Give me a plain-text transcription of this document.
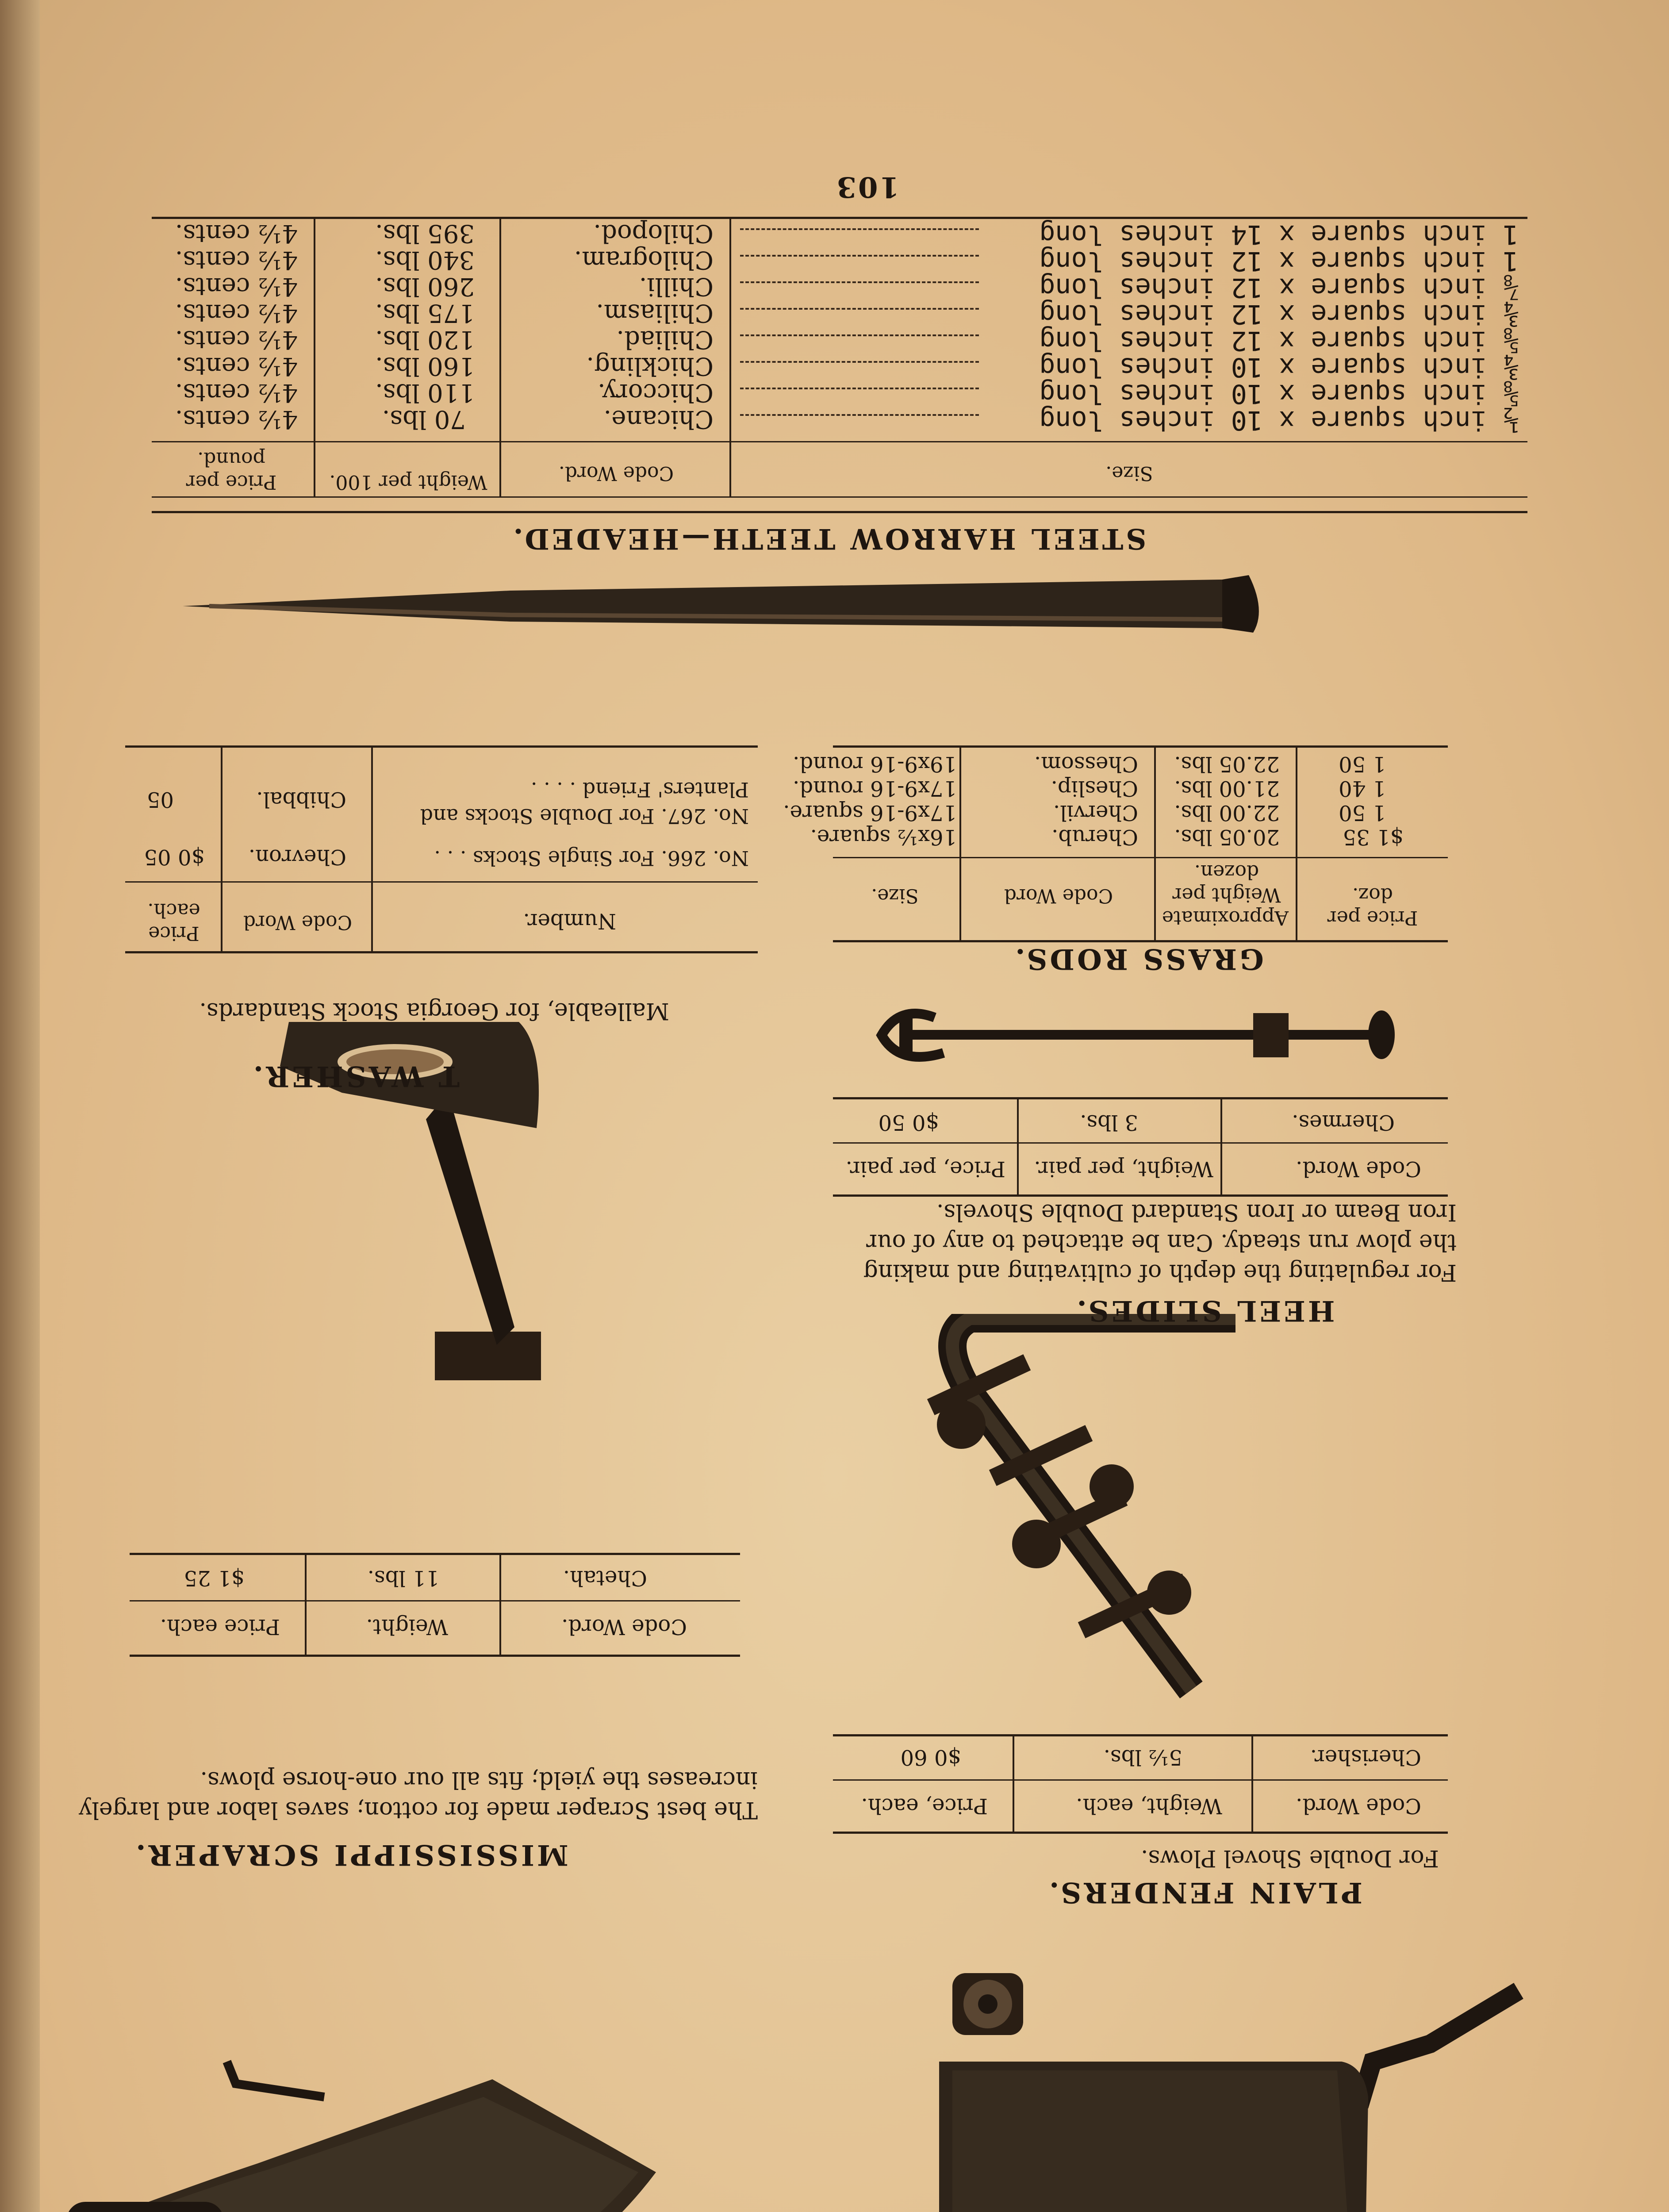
PLAIN FENDERS.
For Double Shovel Plows.
Code Word.
Weight, each.
Price, each.
Cherisher.
5½ lbs.
$0 60
MISSISSIPPI SCRAPER.
The best Scraper made for cotton; saves labor and largely increases the yield; fits all our one-horse plows.
Code Word.
Weight.
Price each.
Chetah.
11 lbs.
$1 25
HEEL SLIDES.
For regulating the depth of cultivating and making the plow run steady. Can be attached to any of our Iron Beam or Iron Standard Double Shovels.
Code Word.
Weight, per pair.
Price, per pair.
Chermes.
3 lbs.
$0 50
T WASHER.
Malleable, for Georgia Stock Standards.
Number.
Code Word
Price each.
No. 266. For Single Stocks . . .
Chevron.
$0 05
No. 267. For Double Stocks and Planters' Friend . . . .
Chibbal.
05
GRASS RODS.
Price per doz.
Approximate Weight per dozen.
Code Word
Size.
$1 35
20.05 lbs.
Cherub.
16x½ square.
1 50
22.00 lbs.
Chervil.
17x9-16 square.
1 40
21.00 lbs.
Cheslip.
17x9-16 round.
1 50
22.05 lbs.
Chessom.
19x9-16 round.
STEEL HARROW TEETH—HEADED.
Size.
Code Word.
Weight per 100.
Price per pound.
½ inch square x 10 inches long
Chicane.
70 lbs.
4½ cents.
⅝ inch square x 10 inches long
Chiccory.
110 lbs.
4½ cents.
¾ inch square x 10 inches long
Chickling.
160 lbs.
4½ cents.
⅝ inch square x 12 inches long
Chiliad.
120 lbs.
4½ cents.
¾ inch square x 12 inches long
Chiliasm.
175 lbs.
4½ cents.
⅞ inch square x 12 inches long
Chilli.
260 lbs.
4½ cents.
1 inch square x 12 inches long
Chilogram.
340 lbs.
4½ cents.
1 inch square x 14 inches long
Chilopod.
395 lbs.
4½ cents.
103
